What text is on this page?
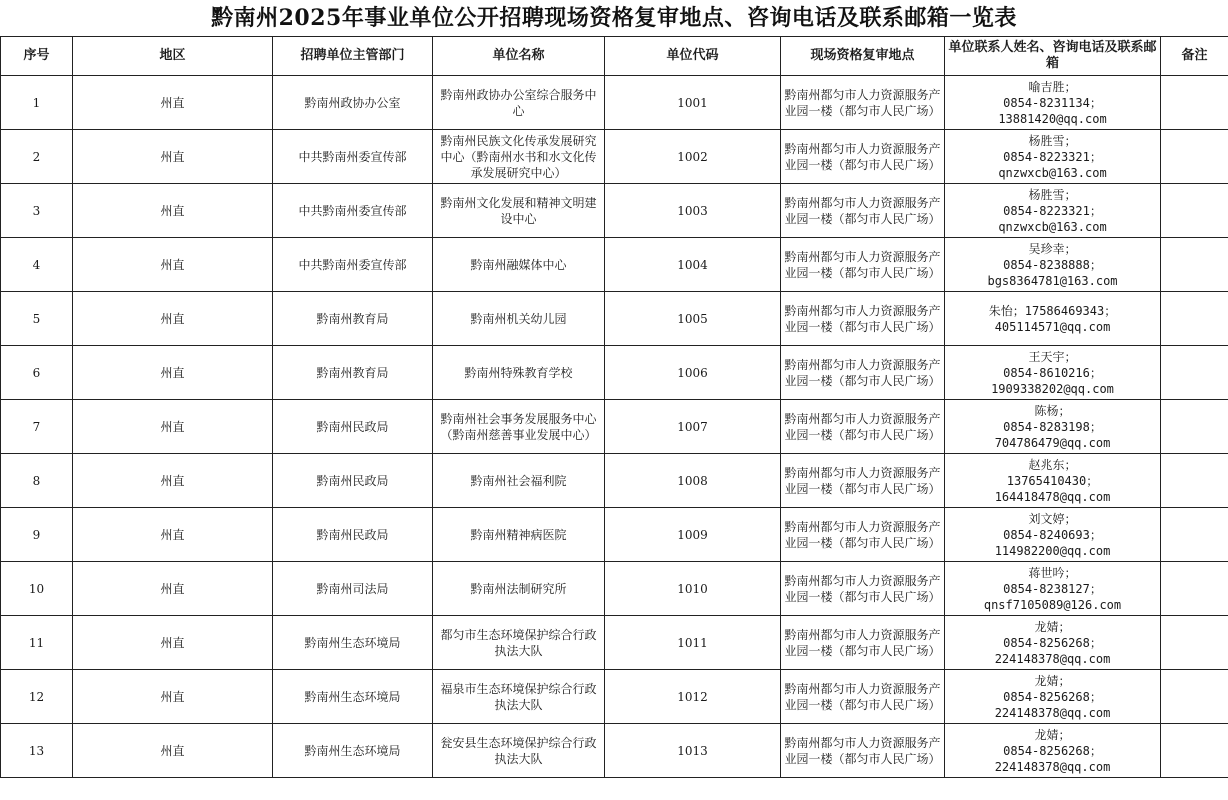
黔南州2025年事业单位公开招聘现场资格复审地点、咨询电话及联系邮箱一览表
序号	地区	招聘单位主管部门	单位名称	单位代码	现场资格复审地点	单位联系人姓名、咨询电话及联系邮箱	备注
1	州直	黔南州政协办公室	黔南州政协办公室综合服务中心	1001	黔南州都匀市人力资源服务产业园一楼（都匀市人民广场）	喻吉胜；
0854-8231134；
13881420@qq.com	

2	州直	中共黔南州委宣传部	黔南州民族文化传承发展研究中心（黔南州水书和水文化传承发展研究中心）	1002	黔南州都匀市人力资源服务产业园一楼（都匀市人民广场）	杨胜雪；
0854-8223321；
qnzwxcb@163.com	

3	州直	中共黔南州委宣传部	黔南州文化发展和精神文明建设中心	1003	黔南州都匀市人力资源服务产业园一楼（都匀市人民广场）	杨胜雪；
0854-8223321；
qnzwxcb@163.com	

4	州直	中共黔南州委宣传部	黔南州融媒体中心	1004	黔南州都匀市人力资源服务产业园一楼（都匀市人民广场）	吴珍幸；
0854-8238888；
bgs8364781@163.com	

5	州直	黔南州教育局	黔南州机关幼儿园	1005	黔南州都匀市人力资源服务产业园一楼（都匀市人民广场）	朱怡；17586469343；
405114571@qq.com	

6	州直	黔南州教育局	黔南州特殊教育学校	1006	黔南州都匀市人力资源服务产业园一楼（都匀市人民广场）	王天宇；
0854-8610216；
1909338202@qq.com	

7	州直	黔南州民政局	黔南州社会事务发展服务中心（黔南州慈善事业发展中心）	1007	黔南州都匀市人力资源服务产业园一楼（都匀市人民广场）	陈杨；
0854-8283198；
704786479@qq.com	

8	州直	黔南州民政局	黔南州社会福利院	1008	黔南州都匀市人力资源服务产业园一楼（都匀市人民广场）	赵兆东；
13765410430；
164418478@qq.com	

9	州直	黔南州民政局	黔南州精神病医院	1009	黔南州都匀市人力资源服务产业园一楼（都匀市人民广场）	刘文婷；
0854-8240693；
114982200@qq.com	

10	州直	黔南州司法局	黔南州法制研究所	1010	黔南州都匀市人力资源服务产业园一楼（都匀市人民广场）	蒋世吟；
0854-8238127；
qnsf7105089@126.com	

11	州直	黔南州生态环境局	都匀市生态环境保护综合行政执法大队	1011	黔南州都匀市人力资源服务产业园一楼（都匀市人民广场）	龙婧；
0854-8256268；
224148378@qq.com	

12	州直	黔南州生态环境局	福泉市生态环境保护综合行政执法大队	1012	黔南州都匀市人力资源服务产业园一楼（都匀市人民广场）	龙婧；
0854-8256268；
224148378@qq.com	

13	州直	黔南州生态环境局	瓮安县生态环境保护综合行政执法大队	1013	黔南州都匀市人力资源服务产业园一楼（都匀市人民广场）	龙婧；
0854-8256268；
224148378@qq.com	
